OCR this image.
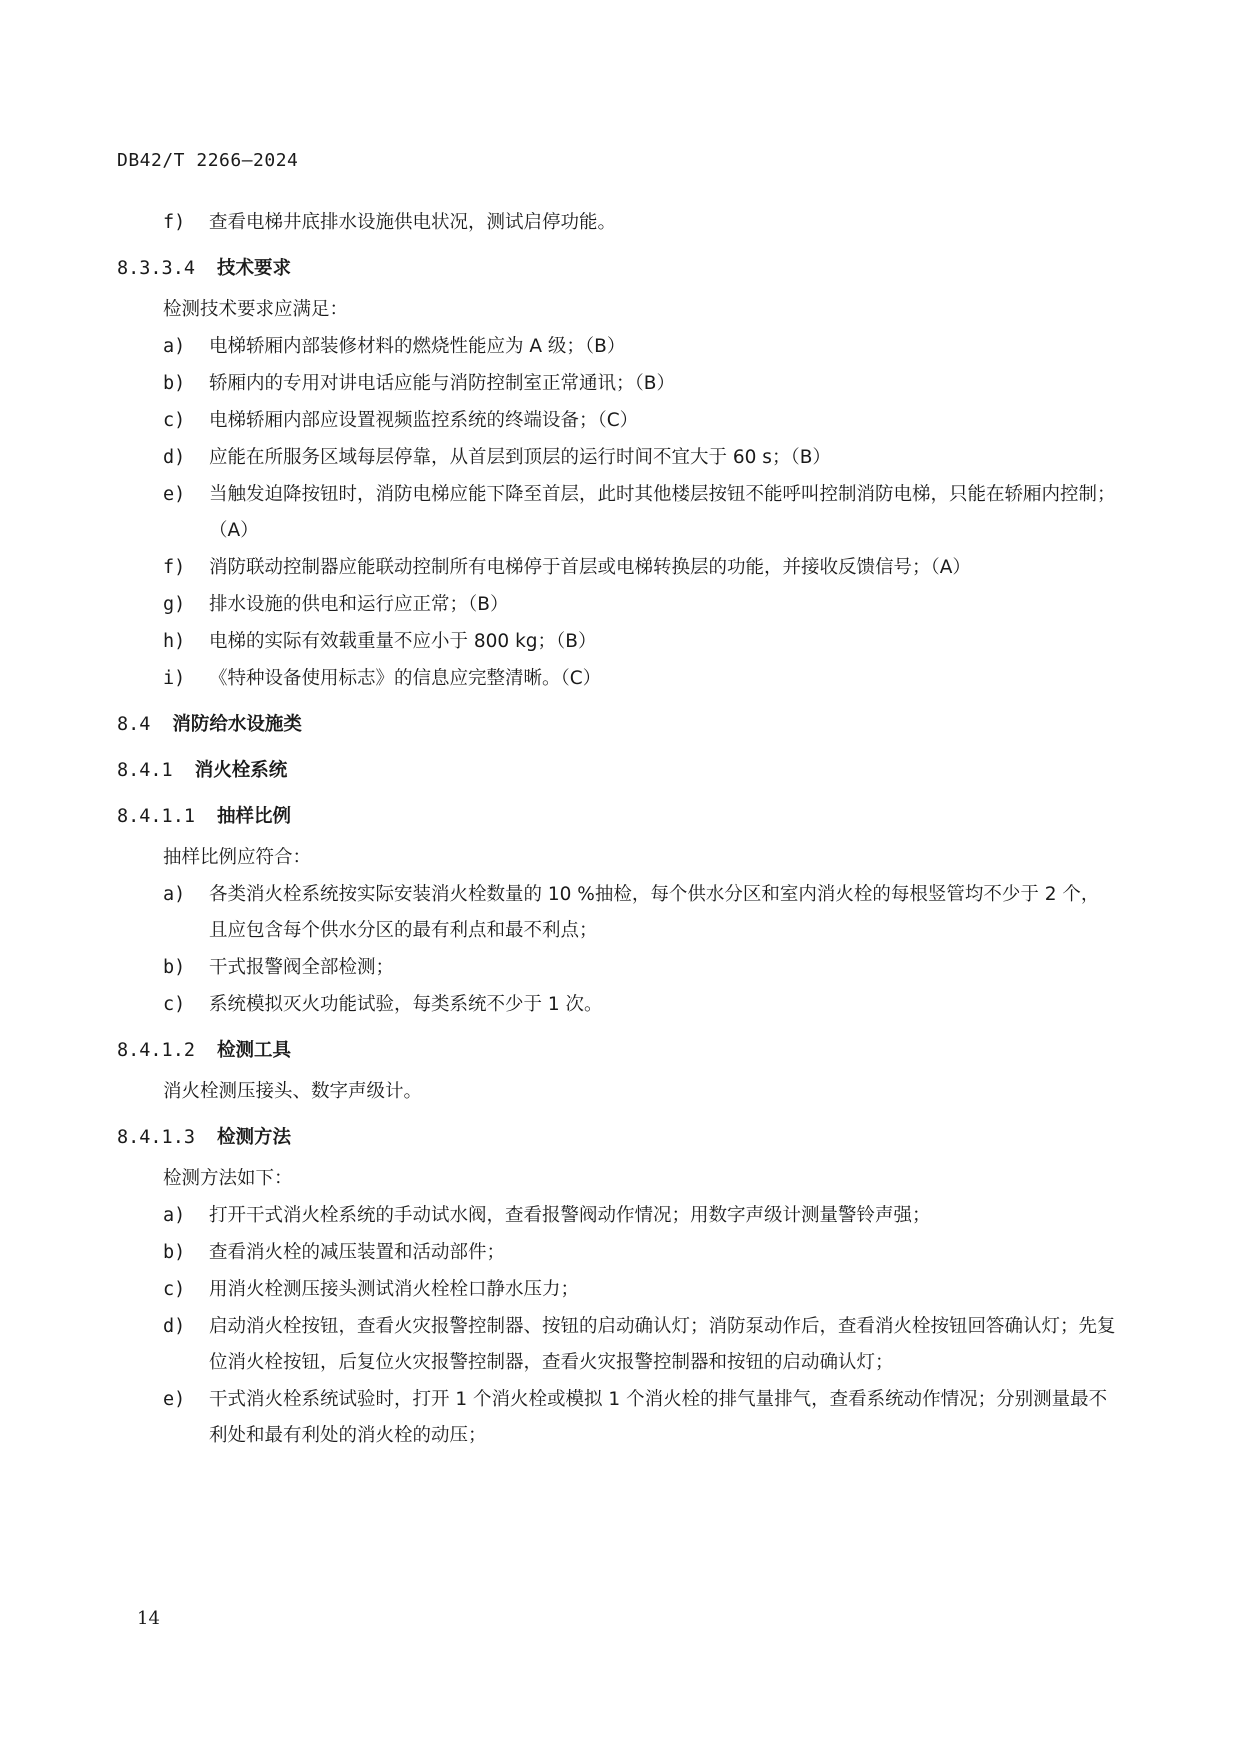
DB42/T 2266—2024
f) 查看电梯井底排水设施供电状况，测试启停功能。
8.3.3.4 技术要求
检测技术要求应满足：
a) 电梯轿厢内部装修材料的燃烧性能应为 A 级；（B）
b) 轿厢内的专用对讲电话应能与消防控制室正常通讯；（B）
c) 电梯轿厢内部应设置视频监控系统的终端设备；（C）
d) 应能在所服务区域每层停靠，从首层到顶层的运行时间不宜大于 60 s；（B）
e) 当触发迫降按钮时，消防电梯应能下降至首层，此时其他楼层按钮不能呼叫控制消防电梯，只能在轿厢内控制；（A）
f) 消防联动控制器应能联动控制所有电梯停于首层或电梯转换层的功能，并接收反馈信号；（A）
g) 排水设施的供电和运行应正常；（B）
h) 电梯的实际有效载重量不应小于 800 kg；（B）
i) 《特种设备使用标志》的信息应完整清晰。（C）
8.4 消防给水设施类
8.4.1 消火栓系统
8.4.1.1 抽样比例
抽样比例应符合：
a) 各类消火栓系统按实际安装消火栓数量的 10 %抽检，每个供水分区和室内消火栓的每根竖管均不少于 2 个，且应包含每个供水分区的最有利点和最不利点；
b) 干式报警阀全部检测；
c) 系统模拟灭火功能试验，每类系统不少于 1 次。
8.4.1.2 检测工具
消火栓测压接头、数字声级计。
8.4.1.3 检测方法
检测方法如下：
a) 打开干式消火栓系统的手动试水阀，查看报警阀动作情况；用数字声级计测量警铃声强；
b) 查看消火栓的减压装置和活动部件；
c) 用消火栓测压接头测试消火栓栓口静水压力；
d) 启动消火栓按钮，查看火灾报警控制器、按钮的启动确认灯；消防泵动作后，查看消火栓按钮回答确认灯；先复位消火栓按钮，后复位火灾报警控制器，查看火灾报警控制器和按钮的启动确认灯；
e) 干式消火栓系统试验时，打开 1 个消火栓或模拟 1 个消火栓的排气量排气，查看系统动作情况；分别测量最不利处和最有利处的消火栓的动压；
14
